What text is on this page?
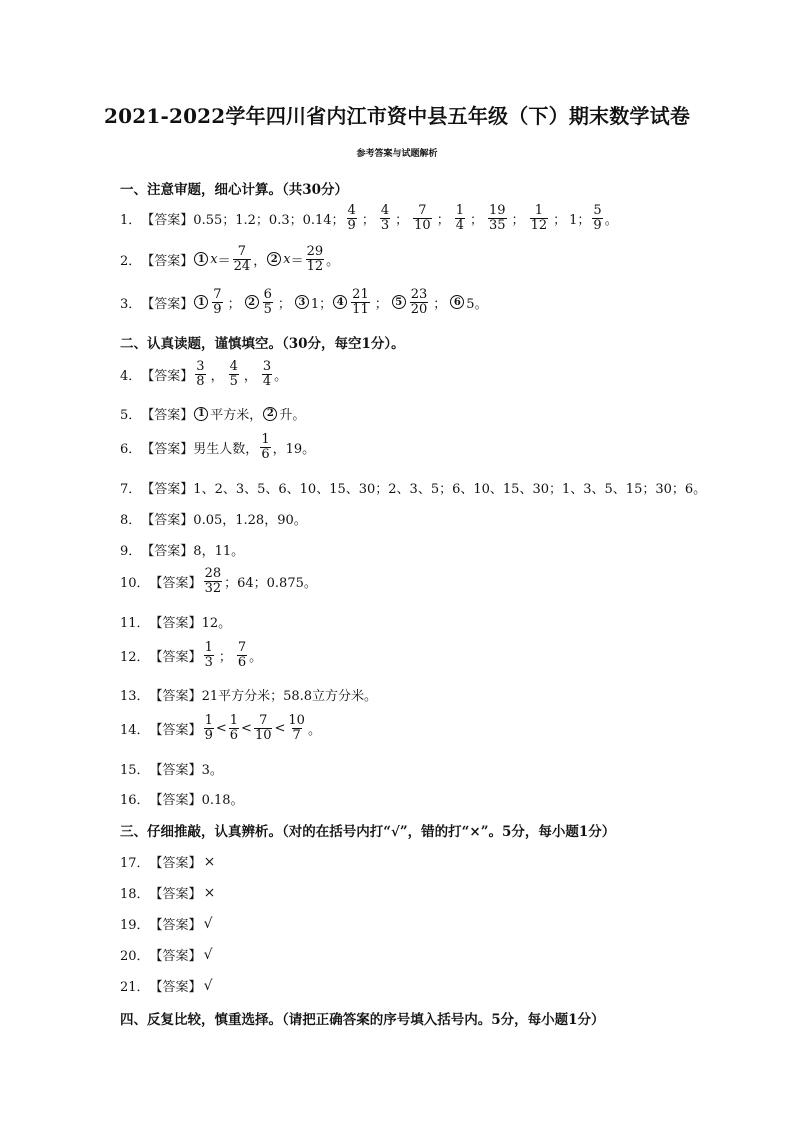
2021-2022学年四川省内江市资中县五年级（下）期末数学试卷
参考答案与试题解析
一、注意审题，细心计算。（共30分）
1． 【答案】 0.55；1.2；0.3；0.14； $\frac{4}{9}$ ； $\frac{4}{3}$ ； $\frac{7}{10}$ ； $\frac{1}{4}$ ； $\frac{19}{35}$ ； $\frac{1}{12}$ ； 1； $\frac{5}{9}$ 。
2． 【答案】 1 $x = \frac{7}{24}$ ， 2 $x = \frac{29}{12}$ 。
3． 【答案】 $1 \frac{7}{9}$ ； $2 \frac{6}{5}$ ； 3 1； $4 \frac{21}{11}$ ； $5 \frac{23}{20}$ ； 6 5。
二、认真读题，谨慎填空。（30分，每空1分）。
4． 【答案】 $\frac{3}{8}$ ， $\frac{4}{5}$ ， $\frac{3}{4}$ 。
5． 【答案】 1 平方米， 2 升。
6． 【答案】 男生人数， $\frac{1}{6}$ ，19。
7． 【答案】 1、2、3、5、6、10、15、30；2、3、5；6、10、15、30；1、3、5、15；30；6。
8． 【答案】 0.05，1.28，90。
9． 【答案】 8，11。
10． 【答案】 $\frac{28}{32}$ ；64；0.875。
11． 【答案】 12。
12． 【答案】 $\frac{1}{3}$ ； $\frac{7}{6}$ 。
13． 【答案】 21平方分米；58.8立方分米。
14． 【答案】 $\frac{1}{9} < \frac{1}{6} < \frac{7}{10} < \frac{10}{7}$ 。
15． 【答案】 3。
16． 【答案】 0.18。
三、仔细推敲，认真辨析。（对的在括号内打“√”，错的打“×”。5分，每小题1分）
17． 【答案】 ×
18． 【答案】 ×
19． 【答案】 √
20． 【答案】 √
21． 【答案】 √
四、反复比较，慎重选择。（请把正确答案的序号填入括号内。5分，每小题1分）
